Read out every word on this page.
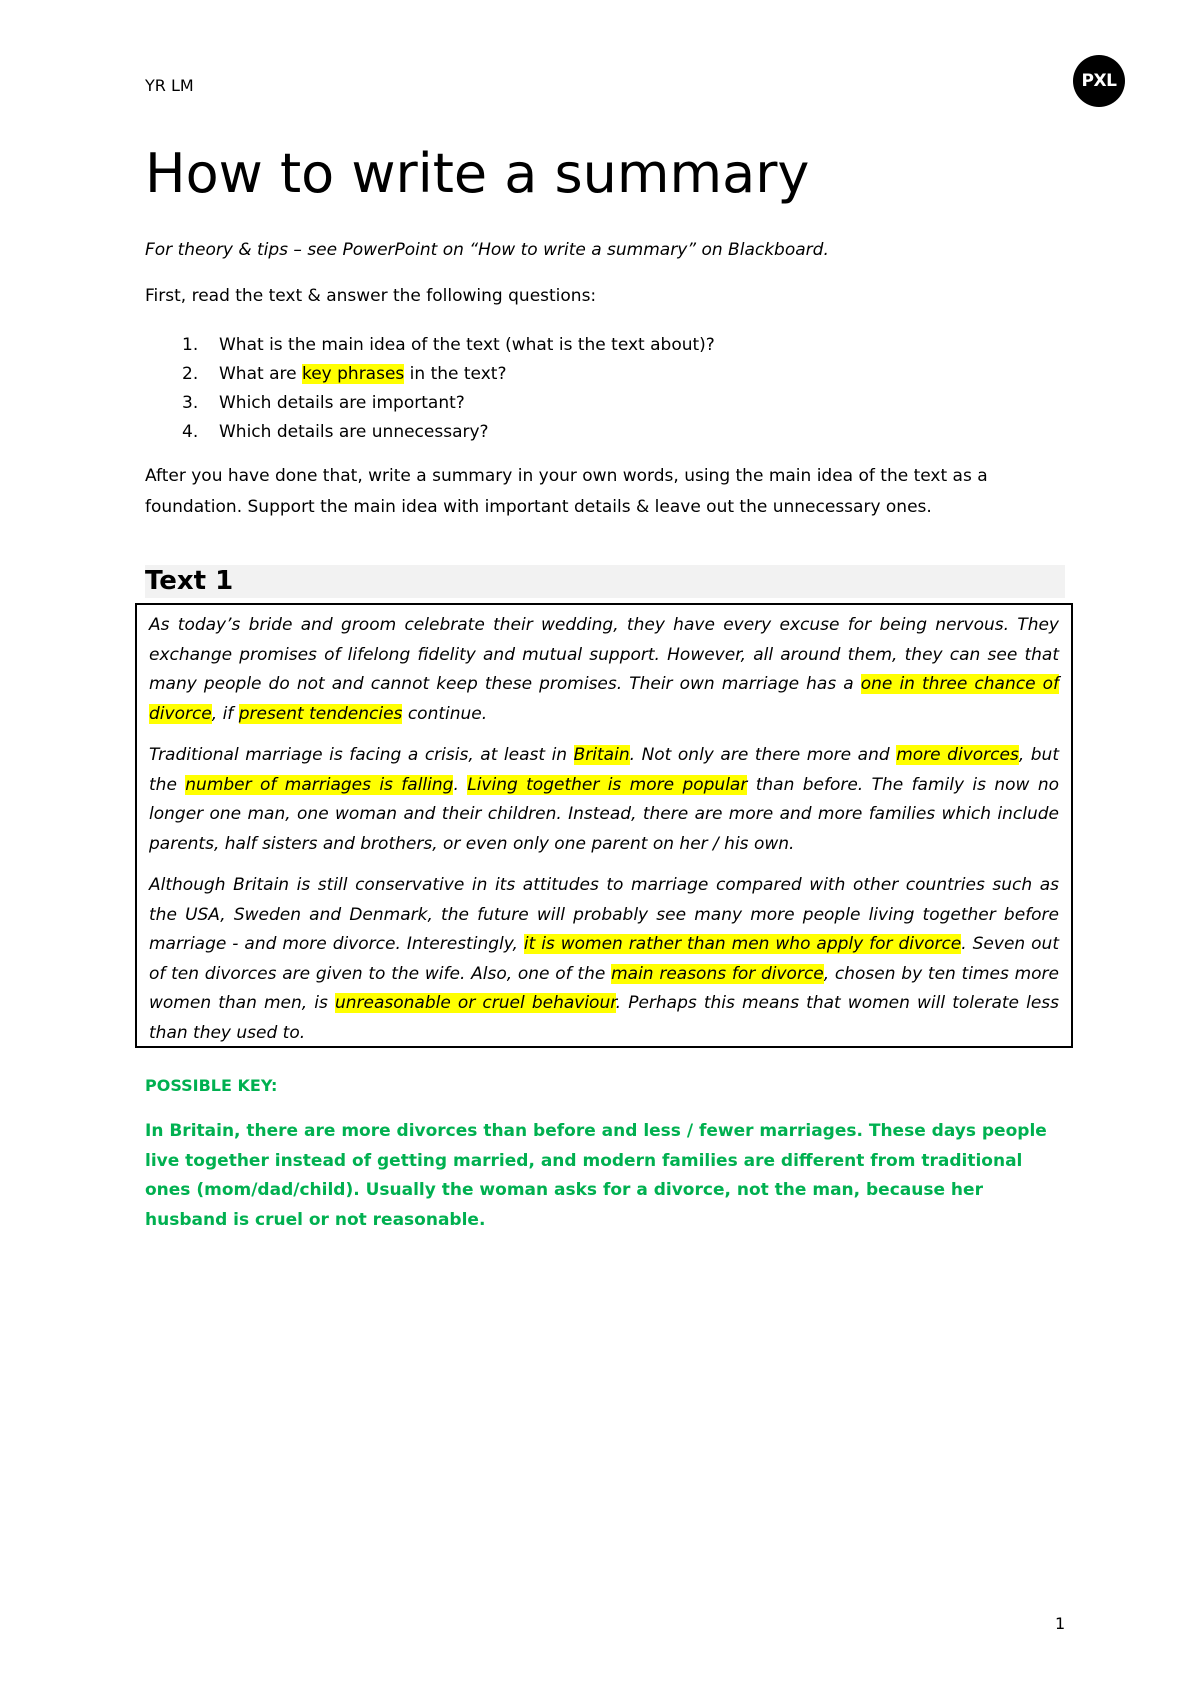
YR LM	PXL
How to write a summary

For theory & tips – see PowerPoint on “How to write a summary” on Blackboard.

First, read the text & answer the following questions:

1.	What is the main idea of the text (what is the text about)?
2.	What are key phrases in the text?
3.	Which details are important?
4.	Which details are unnecessary?

After you have done that, write a summary in your own words, using the main idea of the text as a foundation. Support the main idea with important details & leave out the unnecessary ones.

Text 1

As today’s bride and groom celebrate their wedding, they have every excuse for being nervous. They exchange promises of lifelong fidelity and mutual support. However, all around them, they can see that many people do not and cannot keep these promises. Their own marriage has a one in three chance of divorce, if present tendencies continue.

Traditional marriage is facing a crisis, at least in Britain. Not only are there more and more divorces, but the number of marriages is falling. Living together is more popular than before. The family is now no longer one man, one woman and their children. Instead, there are more and more families which include parents, half sisters and brothers, or even only one parent on her / his own.

Although Britain is still conservative in its attitudes to marriage compared with other countries such as the USA, Sweden and Denmark, the future will probably see many more people living together before marriage - and more divorce. Interestingly, it is women rather than men who apply for divorce. Seven out of ten divorces are given to the wife. Also, one of the main reasons for divorce, chosen by ten times more women than men, is unreasonable or cruel behaviour. Perhaps this means that women will tolerate less than they used to.

POSSIBLE KEY:

In Britain, there are more divorces than before and less / fewer marriages. These days people live together instead of getting married, and modern families are different from traditional ones (mom/dad/child). Usually the woman asks for a divorce, not the man, because her husband is cruel or not reasonable.

1
